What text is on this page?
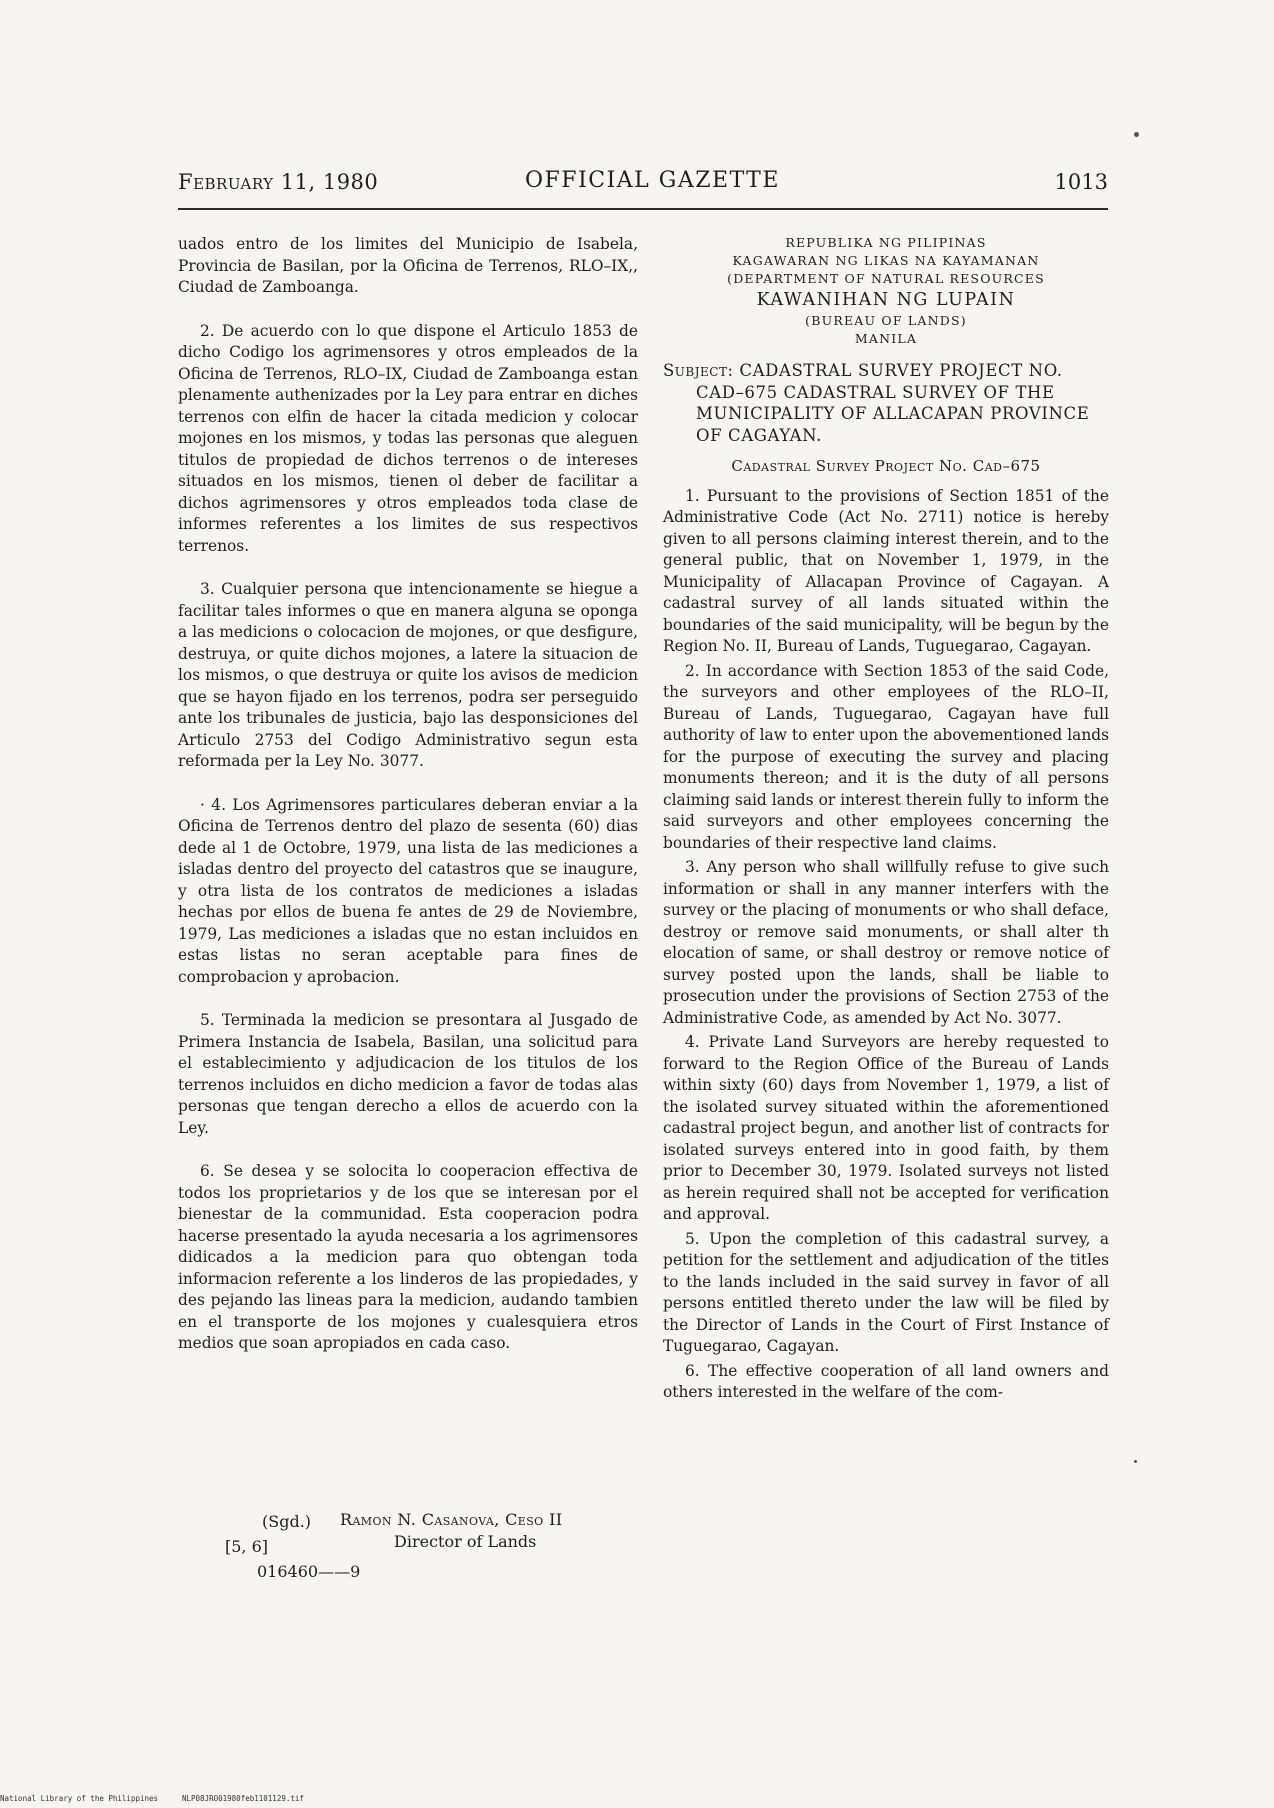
February 11, 1980	OFFICIAL GAZETTE	1013

uados entro de los limites del Municipio de Isabela, Provincia de Basilan, por la Oficina de Terrenos, RLO–IX,, Ciudad de Zamboanga.

2. De acuerdo con lo que dispone el Articulo 1853 de dicho Codigo los agrimensores y otros empleados de la Oficina de Terrenos, RLO–IX, Ciudad de Zamboanga estan plenamente authenizades por la Ley para entrar en diches terrenos con elfin de hacer la citada medicion y colocar mojones en los mismos, y todas las personas que aleguen titulos de propiedad de dichos terrenos o de intereses situados en los mismos, tienen ol deber de facilitar a dichos agrimensores y otros empleados toda clase de informes referentes a los limites de sus respectivos terrenos.

3. Cualquier persona que intencionamente se hiegue a facilitar tales informes o que en manera alguna se oponga a las medicions o colocacion de mojones, or que desfigure, destruya, or quite dichos mojones, a latere la situacion de los mismos, o que destruya or quite los avisos de medicion que se hayon fijado en los terrenos, podra ser perseguido ante los tribunales de justicia, bajo las desponsiciones del Articulo 2753 del Codigo Administrativo segun esta reformada per la Ley No. 3077.

· 4. Los Agrimensores particulares deberan enviar a la Oficina de Terrenos dentro del plazo de sesenta (60) dias dede al 1 de Octobre, 1979, una lista de las mediciones a isladas dentro del proyecto del catastros que se inaugure, y otra lista de los contratos de mediciones a isladas hechas por ellos de buena fe antes de 29 de Noviembre, 1979, Las mediciones a isladas que no estan incluidos en estas listas no seran aceptable para fines de comprobacion y aprobacion.

5. Terminada la medicion se presontara al Jusgado de Primera Instancia de Isabela, Basilan, una solicitud para el establecimiento y adjudicacion de los titulos de los terrenos incluidos en dicho medicion a favor de todas alas personas que tengan derecho a ellos de acuerdo con la Ley.

6. Se desea y se solocita lo cooperacion effectiva de todos los proprietarios y de los que se interesan por el bienestar de la communidad. Esta cooperacion podra hacerse presentado la ayuda necesaria a los agrimensores didicados a la medicion para quo obtengan toda informacion referente a los linderos de las propiedades, y des pejando las lineas para la medicion, audando tambien en el transporte de los mojones y cualesquiera etros medios que soan apropiados en cada caso.

(Sgd.) Ramon N. Casanova, Ceso II
Director of Lands
[5, 6]
016460——9
REPUBLIKA NG PILIPINAS
KAGAWARAN NG LIKAS NA KAYAMANAN
(DEPARTMENT OF NATURAL RESOURCES
KAWANIHAN NG LUPAIN
(BUREAU OF LANDS)
MANILA
Subject: CADASTRAL SURVEY PROJECT NO. CAD–675 CADASTRAL SURVEY OF THE MUNICIPALITY OF ALLACAPAN PROVINCE OF CAGAYAN.
Cadastral Survey Project No. Cad–675

1. Pursuant to the provisions of Section 1851 of the Administrative Code (Act No. 2711) notice is hereby given to all persons claiming interest therein, and to the general public, that on November 1, 1979, in the Municipality of Allacapan Province of Cagayan. A cadastral survey of all lands situated within the boundaries of the said municipality, will be begun by the Region No. II, Bureau of Lands, Tuguegarao, Cagayan.

2. In accordance with Section 1853 of the said Code, the surveyors and other employees of the RLO–II, Bureau of Lands, Tuguegarao, Cagayan have full authority of law to enter upon the abovementioned lands for the purpose of executing the survey and placing monuments thereon; and it is the duty of all persons claiming said lands or interest therein fully to inform the said surveyors and other employees concerning the boundaries of their respective land claims.

3. Any person who shall willfully refuse to give such information or shall in any manner interfers with the survey or the placing of monuments or who shall deface, destroy or remove said monuments, or shall alter th elocation of same, or shall destroy or remove notice of survey posted upon the lands, shall be liable to prosecution under the provisions of Section 2753 of the Administrative Code, as amended by Act No. 3077.

4. Private Land Surveyors are hereby requested to forward to the Region Office of the Bureau of Lands within sixty (60) days from November 1, 1979, a list of the isolated survey situated within the aforementioned cadastral project begun, and another list of contracts for isolated surveys entered into in good faith, by them prior to December 30, 1979. Isolated surveys not listed as herein required shall not be accepted for verification and approval.

5. Upon the completion of this cadastral survey, a petition for the settlement and adjudication of the titles to the lands included in the said survey in favor of all persons entitled thereto under the law will be filed by the Director of Lands in the Court of First Instance of Tuguegarao, Cagayan.

6. The effective cooperation of all land owners and others interested in the welfare of the com-

National Library of the Philippines	NLP08JRO01980feb1101129.tif
